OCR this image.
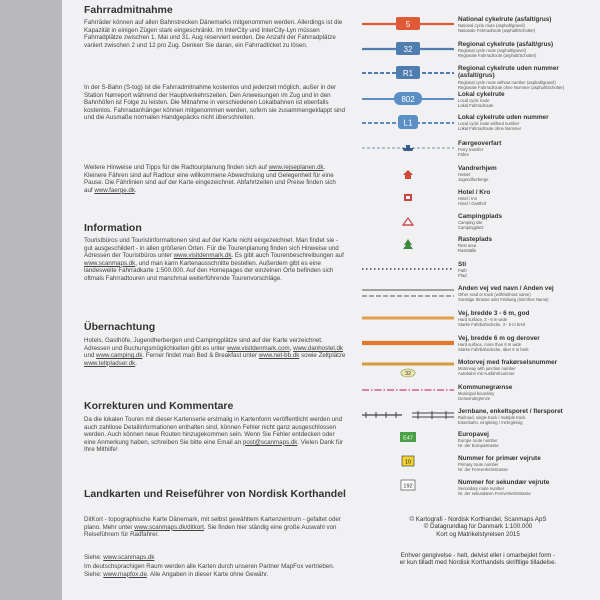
Fahrradmitnahme

Fahrräder können auf allen Bahnstrecken Dänemarks mitgenommen werden. Allerdings ist die Kapazität in einigen Zügen stark eingeschränkt. Im InterCity und InterCity-Lyn müssen Fahrradplätze zwischen 1. Mai und 31. Aug reserviert werden. Die Anzahl der Fahrradplätze variiert zwischen 2 und 12 pro Zug. Denken Sie daran, ein Fahrradticket zu lösen.

In der S-Bahn (S-tog) ist die Fahrradmitnahme kostenlos und jederzeit möglich, außer in der Station Nørreport während der Hauptverkehrszeiten. Den Anweisungen im Zug und in den Bahnhöfen ist Folge zu leisten. Die Mitnahme in verschiedenen Lokalbahnen ist ebenfalls kostenlos. Fahrradanhänger können mitgenommen werden, sofern sie zusammengeklappt sind und die Ausmaße normalen Handgepäcks nicht überschreiten.

Weitere Hinweise und Tipps für die Radtourplanung finden sich auf www.rejseplanen.dk. Kleinere Fähren sind auf Radtour eine willkommene Abwechslung und Gelegenheit für eine Pause. Die Fährlinien sind auf der Karte eingezeichnet. Abfahrtzeiten und Preise finden sich auf www.faerge.dk.

Information

Touristbüros und Touristinformationen sind auf der Karte nicht eingezeichnet. Man findet sie - gut ausgeschildert - in allen größeren Orten. Für die Tourenplanung finden sich Hinweise und Adressen der Touristbüros unter www.visitdenmark.dk. Es gibt auch Tourenbeschreibungen auf www.scanmaps.dk, und man kann Kartenausschnitte bestellen. Außerdem gibt es eine landesweite Fahrradkarte 1:500.000. Auf den Homepages der einzelnen Orte befinden sich oftmals Fahrradtouren und manchmal weiterführende Tourenvorschläge.

Übernachtung

Hotels, Gasthöfe, Jugendherbergen und Campingplätze sind auf der Karte verzeichnet. Adressen und Buchungsmöglichkeiten gibt es unter www.visitdenmark.com, www.danhostel.dk und www.camping.dk. Ferner findet man Bed & Breakfast unter www.net-bb.dk sowie Zeltplätze www.teltpladser.dk.

Korrekturen und Kommentare

Da die lokalen Touren mit dieser Kartenserie erstmalig in Kartenform veröffentlicht werden und auch zahllose Detailinformationen enthalten sind, können Fehler nicht ganz ausgeschlossen werden. Auch können neue Routen hinzugekommen sein. Wenn Sie Fehler entdecken oder eine Anmerkung haben, schreiben Sie bitte eine Email an post@scanmaps.dk. Vielen Dank für Ihre Mithilfe!

Landkarten und Reiseführer von Nordisk Korthandel

DitKort - topographische Karte Dänemark, mit selbst gewähltem Kartenzentrum - gefaltet oder plano. Mehr unter www.scanmaps.dk/ditkort. Sie finden hier ständig eine große Auswahl von Reiseführern für Radfahrer.

Siehe: www.scanmaps.dk

Im deutschsprachigen Raum werden alle Karten durch unseren Partner MapFox vertrieben. Siehe: www.mapfox.de. Alle Angaben in dieser Karte ohne Gewähr.

5
National cykelrute (asfalt/grus)
National cycle route (asphalt/gravel)
Nationale Fahrradroute (asphalt/Schotter)
32
Regional cykelrute (asfalt/grus)
Regional cycle route (asphalt/gravel)
Regionale Fahrradroute (asphalt/Schotter)
R1
Regional cykelrute uden nummer (asfalt/grus)
Regional cycle route without number (asphalt/gravel)
Regionale Fahrradroute ohne Nummer (asphalt/Schotter)
802
Lokal cykelrute
Local cycle route
Lokal Fahrradroute
L1
Lokal cykelrute uden nummer
Local cycle route without number
Lokal Fahrradroute ohne Nummer
Færgeoverfart
Ferry transfer
Fähre
Vandrerhjem
Hostel
Jugendherberge
Hotel / Kro
Hotel / Inn
Hotel / Gasthof
Campingplads
Camping site
Campingplatz
Rasteplads
Rest area
Rastställe
Sti
Path
Pfad
Anden vej ved navn / Anden vej
Other road or track (with/without name)
Sonstige Strasse oder Feldweg (mit/ohne Name)
Vej, bredde 3 - 6 m, god
Hard surface, 3 - 6 m wide
Starke Fahrbahndecke, 3 - 6 m breit
Vej, bredde 6 m og derover
Hard surface, more than 6 m wide
Starke Fahrbahndecke, über 6 m breit
32
Motorvej med frakørselsnummer
Motorway with junction number
Autobahn mit Ausfahrtnummer
Kommunegrænse
Municipal boundary
Gemeindegrenze
Jernbane, enkeltsporet / flersporet
Railroad, single track / multiple track
Eisenbahn, eingleisig / mehrgleisig
E47
Europavej
Europe route number
Nr. der Europastrasse
10
Nummer for primær vejrute
Primary route number
Nr. der Fernverkehrstrasse
192
Nummer for sekundær vejrute
Secondary route number
Nr. der sekundären Fernverkehrstrasse
© Kartografi - Nordisk Korthandel, Scanmaps ApS
© Datagrundlag for Danmark 1:100.000
Kort og Matrikelstyrelsen 2015
Enhver gengivelse - helt, delvist eller i omarbejdet form -
er kun tilladt med Nordisk Korthandels skriftlige tilladelse.
